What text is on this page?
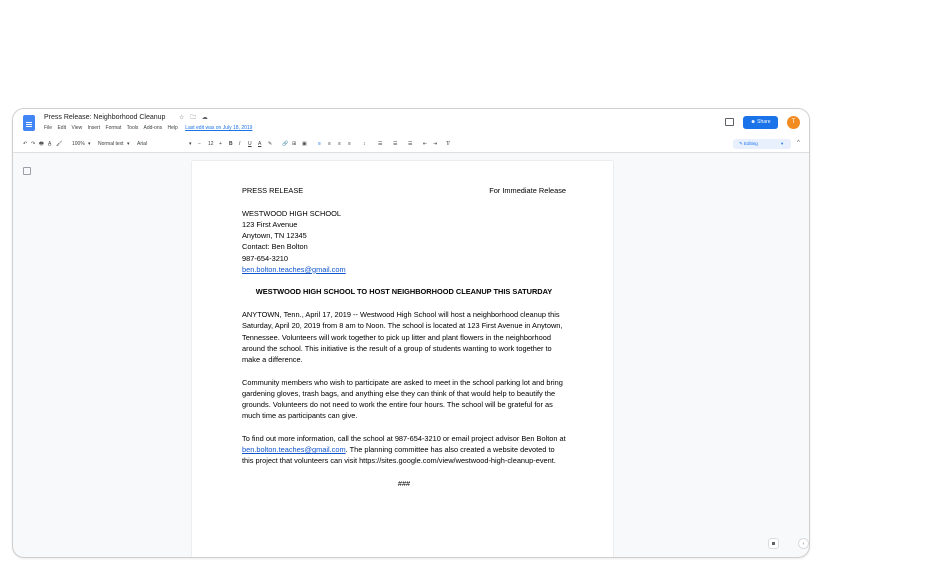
Press Release: Neighborhood Cleanup ☆ 🗀 ☁
File Edit View Insert Format Tools Add-ons Help Last edit was on July 18, 2019
☻ Share	T
↶ ↷ 🖶 A̲ 🖌 100% ▾ Normal text ▾ Arial	▾ − 12 + B I U A ✎ 🔗 ⊞ ▣ ≡ ≡ ≡ ≡ ↕	☰ ☰ ☰ ⇤ ⇥ T̸	✎ Editing	▾ ^
PRESS RELEASE	For Immediate Release

WESTWOOD HIGH SCHOOL

123 First Avenue

Anytown, TN 12345

Contact: Ben Bolton

987-654-3210

ben.bolton.teaches@gmail.com

WESTWOOD HIGH SCHOOL TO HOST NEIGHBORHOOD CLEANUP THIS SATURDAY

ANYTOWN, Tenn., April 17, 2019 -- Westwood High School will host a neighborhood cleanup this Saturday, April 20, 2019 from 8 am to Noon. The school is located at 123 First Avenue in Anytown, Tennessee. Volunteers will work together to pick up litter and plant flowers in the neighborhood around the school. This initiative is the result of a group of students wanting to work together to make a difference.

Community members who wish to participate are asked to meet in the school parking lot and bring gardening gloves, trash bags, and anything else they can think of that would help to beautify the grounds. Volunteers do not need to work the entire four hours. The school will be grateful for as much time as participants can give.

To find out more information, call the school at 987-654-3210 or email project advisor Ben Bolton at ben.bolton.teaches@gmail.com. The planning committee has also created a website devoted to this project that volunteers can visit https://sites.google.com/view/westwood-high-cleanup-event.

###

‹
